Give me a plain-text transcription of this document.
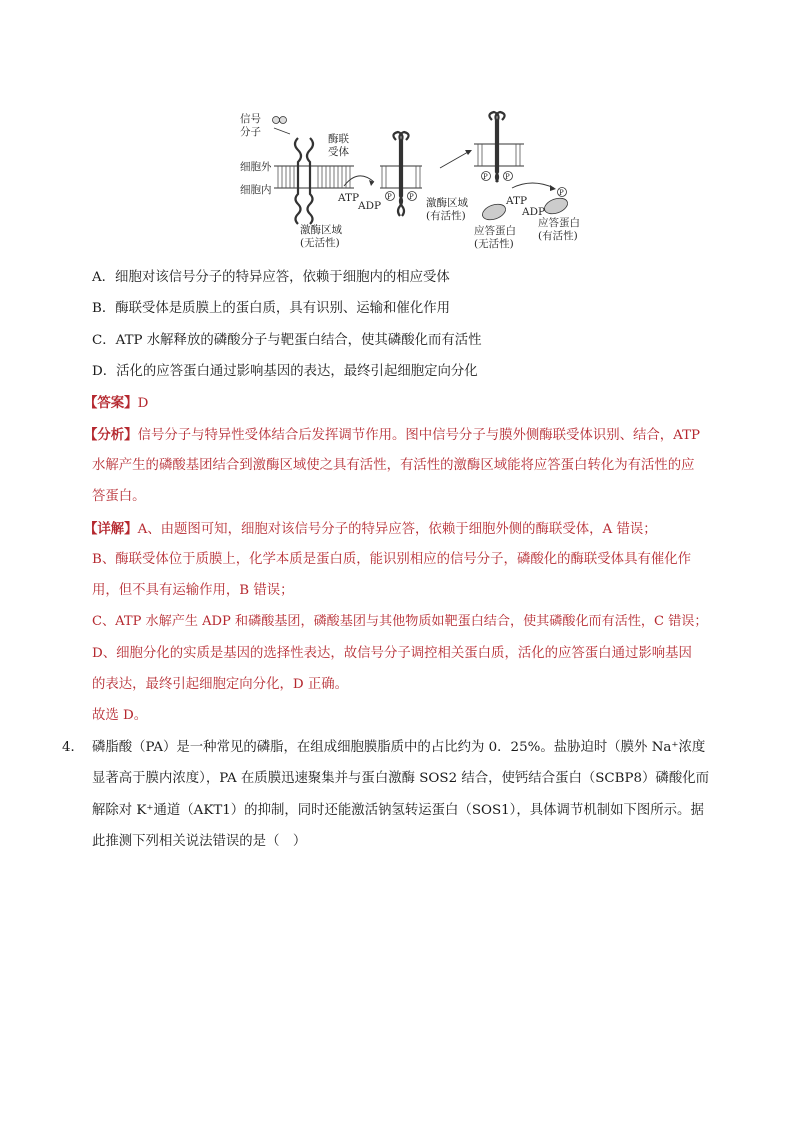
信号
分子
酶联
受体
细胞外
细胞内
激酶区域
(无活性)
ATP
ADP
P P 激酶区域
(有活性)
P P
ATP
ADP
应答蛋白
(无活性)
P
应答蛋白
(有活性)
A．细胞对该信号分子的特异应答，依赖于细胞内的相应受体
B．酶联受体是质膜上的蛋白质，具有识别、运输和催化作用
C．ATP 水解释放的磷酸分子与靶蛋白结合，使其磷酸化而有活性
D．活化的应答蛋白通过影响基因的表达，最终引起细胞定向分化
【答案】D
【分析】信号分子与特异性受体结合后发挥调节作用。图中信号分子与膜外侧酶联受体识别、结合，ATP
水解产生的磷酸基团结合到激酶区域使之具有活性，有活性的激酶区域能将应答蛋白转化为有活性的应
答蛋白。
【详解】A、由题图可知，细胞对该信号分子的特异应答，依赖于细胞外侧的酶联受体，A 错误；
B、酶联受体位于质膜上，化学本质是蛋白质，能识别相应的信号分子，磷酸化的酶联受体具有催化作
用，但不具有运输作用，B 错误；
C、ATP 水解产生 ADP 和磷酸基团，磷酸基团与其他物质如靶蛋白结合，使其磷酸化而有活性，C 错误；
D、细胞分化的实质是基因的选择性表达，故信号分子调控相关蛋白质，活化的应答蛋白通过影响基因
的表达，最终引起细胞定向分化，D 正确。
故选 D。
4． 磷脂酸（PA）是一种常见的磷脂，在组成细胞膜脂质中的占比约为 0．25%。盐胁迫时（膜外 Na⁺浓度
显著高于膜内浓度），PA 在质膜迅速聚集并与蛋白激酶 SOS2 结合，使钙结合蛋白（SCBP8）磷酸化而
解除对 K⁺通道（AKT1）的抑制，同时还能激活钠氢转运蛋白（SOS1），具体调节机制如下图所示。据
此推测下列相关说法错误的是（　）
